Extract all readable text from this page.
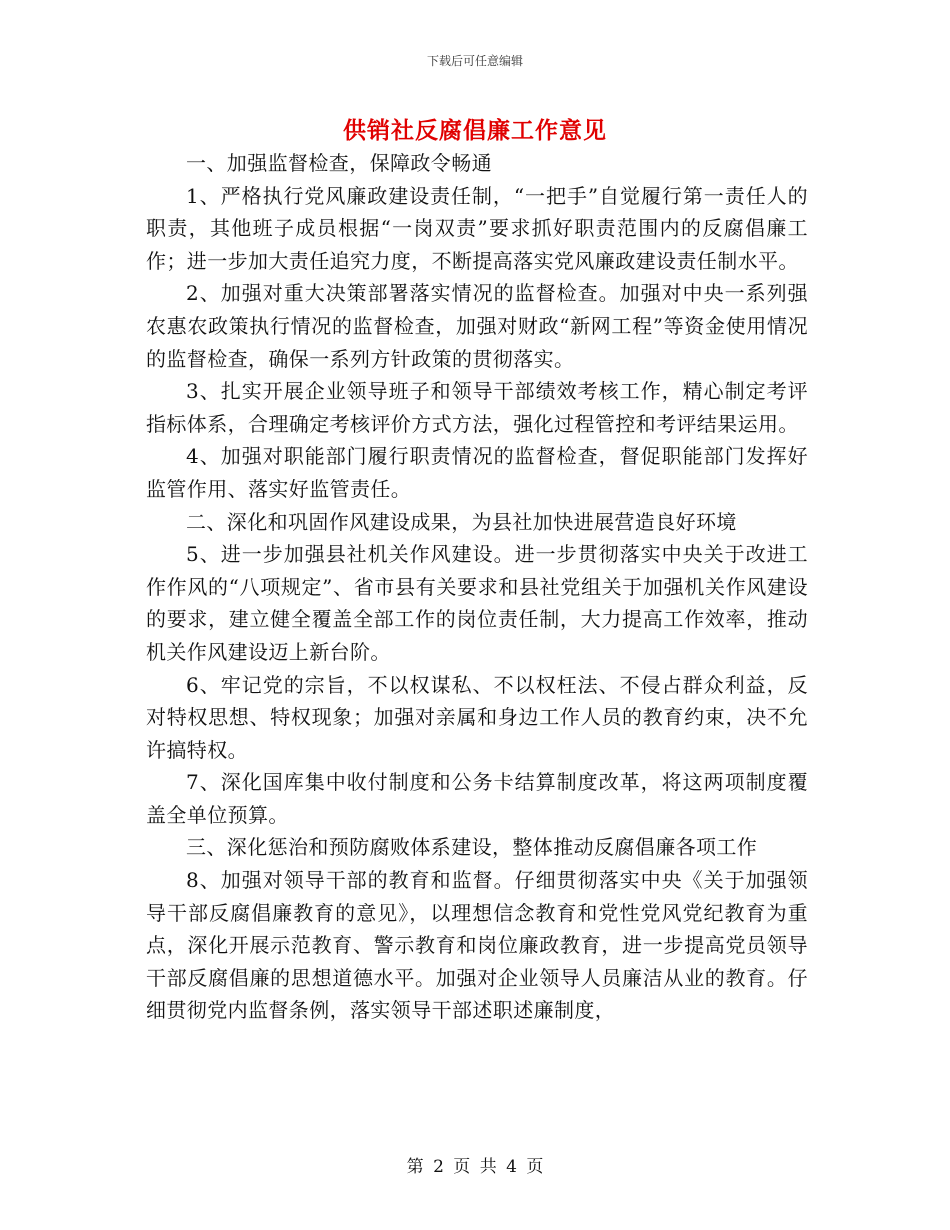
下载后可任意编辑
供销社反腐倡廉工作意见

一、加强监督检查，保障政令畅通

1、严格执行党风廉政建设责任制，“一把手”自觉履行第一责任人的职责，其他班子成员根据“一岗双责”要求抓好职责范围内的反腐倡廉工作；进一步加大责任追究力度，不断提高落实党风廉政建设责任制水平。

2、加强对重大决策部署落实情况的监督检查。加强对中央一系列强农惠农政策执行情况的监督检查，加强对财政“新网工程”等资金使用情况的监督检查，确保一系列方针政策的贯彻落实。

3、扎实开展企业领导班子和领导干部绩效考核工作，精心制定考评指标体系，合理确定考核评价方式方法，强化过程管控和考评结果运用。

4、加强对职能部门履行职责情况的监督检查，督促职能部门发挥好监管作用、落实好监管责任。

二、深化和巩固作风建设成果，为县社加快进展营造良好环境

5、进一步加强县社机关作风建设。进一步贯彻落实中央关于改进工作作风的“八项规定”、省市县有关要求和县社党组关于加强机关作风建设的要求，建立健全覆盖全部工作的岗位责任制，大力提高工作效率，推动机关作风建设迈上新台阶。

6、牢记党的宗旨，不以权谋私、不以权枉法、不侵占群众利益，反对特权思想、特权现象；加强对亲属和身边工作人员的教育约束，决不允许搞特权。

7、深化国库集中收付制度和公务卡结算制度改革，将这两项制度覆盖全单位预算。

三、深化惩治和预防腐败体系建设，整体推动反腐倡廉各项工作

8、加强对领导干部的教育和监督。仔细贯彻落实中央《关于加强领导干部反腐倡廉教育的意见》，以理想信念教育和党性党风党纪教育为重点，深化开展示范教育、警示教育和岗位廉政教育，进一步提高党员领导干部反腐倡廉的思想道德水平。加强对企业领导人员廉洁从业的教育。仔细贯彻党内监督条例，落实领导干部述职述廉制度，

第 2 页 共 4 页
